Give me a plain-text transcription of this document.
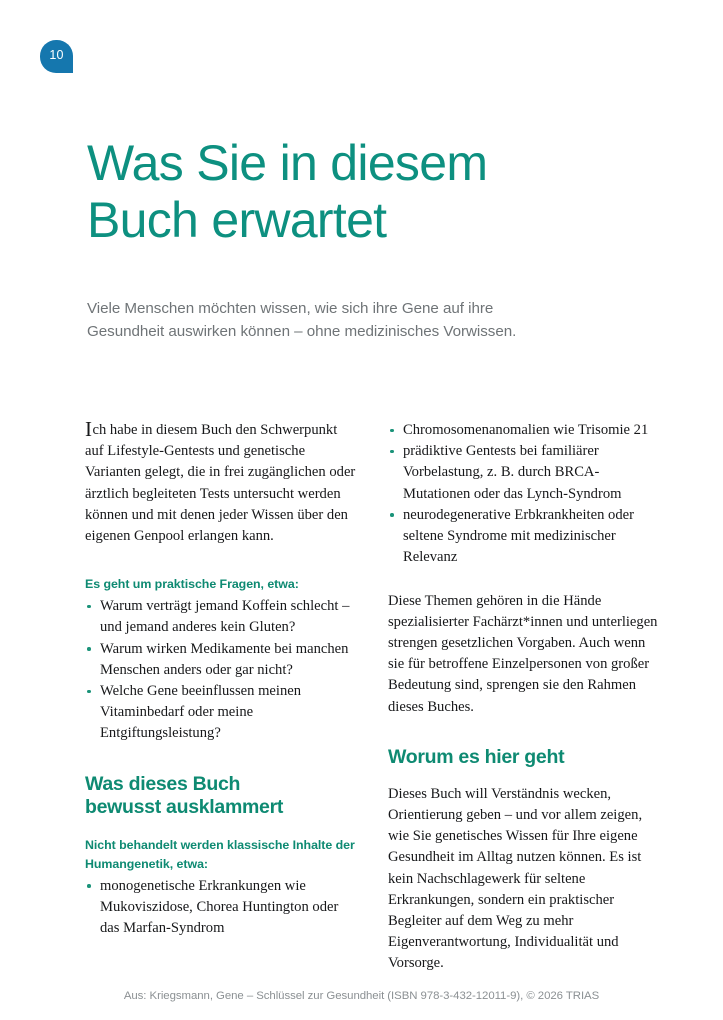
10
Was Sie in diesem
Buch erwartet

Viele Menschen möchten wissen, wie sich ihre Gene auf ihre
Gesundheit auswirken können – ohne medizinisches Vorwissen.

Ich habe in diesem Buch den Schwerpunkt auf Lifestyle-Gentests und genetische Varianten gelegt, die in frei zugänglichen oder ärztlich begleiteten Tests untersucht werden können und mit denen jeder Wissen über den eigenen Genpool erlangen kann.

Es geht um praktische Fragen, etwa:

Warum verträgt jemand Koffein schlecht – und jemand anderes kein Gluten?
Warum wirken Medikamente bei manchen Menschen anders oder gar nicht?
Welche Gene beeinflussen meinen Vitaminbedarf oder meine Entgiftungsleistung?
Was dieses Buch
bewusst ausklammert

Nicht behandelt werden klassische Inhalte der Humangenetik, etwa:

monogenetische Erkrankungen wie Mukoviszidose, Chorea Huntington oder das Marfan-Syndrom
Chromosomenanomalien wie Trisomie 21
prädiktive Gentests bei familiärer Vorbelastung, z. B. durch BRCA-Mutationen oder das Lynch-Syndrom
neurodegenerative Erbkrankheiten oder seltene Syndrome mit medizinischer Relevanz

Diese Themen gehören in die Hände spezialisierter Fachärzt*innen und unterliegen strengen gesetzlichen Vorgaben. Auch wenn sie für betroffene Einzelpersonen von großer Bedeutung sind, sprengen sie den Rahmen dieses Buches.

Worum es hier geht

Dieses Buch will Verständnis wecken, Orientierung geben – und vor allem zeigen, wie Sie genetisches Wissen für Ihre eigene Gesundheit im Alltag nutzen können. Es ist kein Nachschlagewerk für seltene Erkrankungen, sondern ein praktischer Begleiter auf dem Weg zu mehr Eigenverantwortung, Individualität und Vorsorge.

Aus: Kriegsmann, Gene – Schlüssel zur Gesundheit (ISBN 978-3-432-12011-9), © 2026 TRIAS
